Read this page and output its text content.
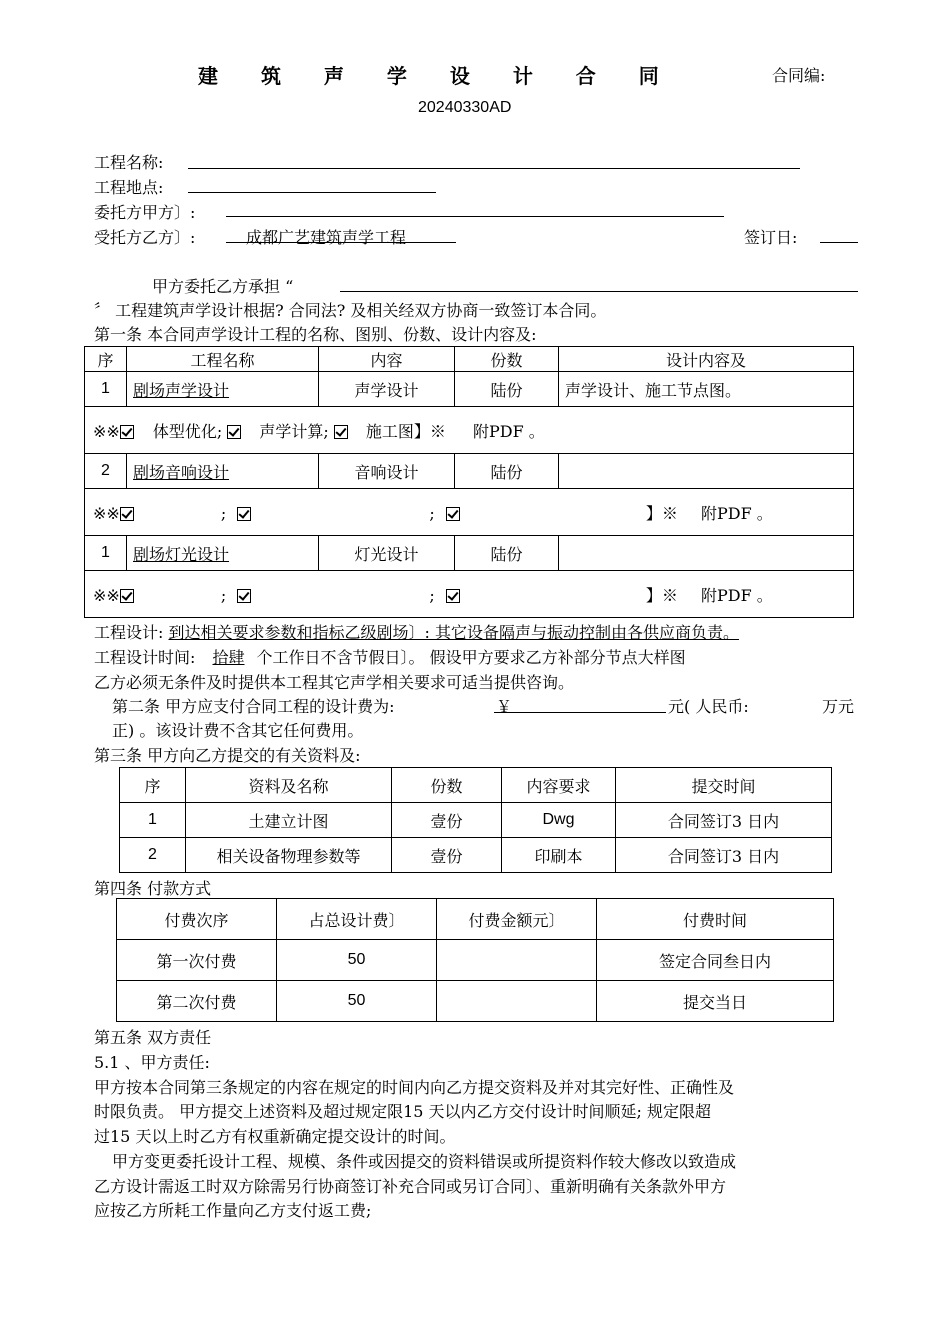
建 筑 声 学 设 计 合 同	合同编:
20240330AD
工程名称:
工程地点:
委托方甲方〕:
受托方乙方〕:	成都广艺建筑声学工程	签订日:
甲方委托乙方承担 “
〞 工程建筑声学设计根据? 合同法? 及相关经双方协商一致签订本合同。
第一条 本合同声学设计工程的名称、图别、份数、设计内容及:
序	工程名称	内容	份数	设计内容及
1	剧场声学设计	声学设计	陆份	声学设计、施工节点图。
※※ 体型优化; 声学计算; 施工图】※ 附PDF 。				
2	剧场音响设计	音响设计	陆份	
※※ ; ; 】※ 附PDF 。				
1	剧场灯光设计	灯光设计	陆份	
※※ ; ; 】※ 附PDF 。				
工程设计: 到达相关要求参数和指标乙级剧场〕: 其它设备隔声与振动控制由各供应商负责。
工程设计时间: 拾肆 个工作日不含节假日〕。 假设甲方要求乙方补部分节点大样图
乙方必须无条件及时提供本工程其它声学相关要求可适当提供咨询。
第二条 甲方应支付合同工程的设计费为:	￥	元( 人民币:	万元
正) 。该设计费不含其它任何费用。
第三条 甲方向乙方提交的有关资料及:
序	资料及名称	份数	内容要求	提交时间
1	土建立计图	壹份	Dwg	合同签订3 日内
2	相关设备物理参数等	壹份	印刷本	合同签订3 日内
第四条 付款方式
付费次序	占总设计费〕	付费金额元〕	付费时间
第一次付费	50		签定合同叁日内
第二次付费	50		提交当日
第五条 双方责任
5.1 、甲方责任:
甲方按本合同第三条规定的内容在规定的时间内向乙方提交资料及并对其完好性、正确性及
时限负责。 甲方提交上述资料及超过规定限15 天以内乙方交付设计时间顺延; 规定限超
过15 天以上时乙方有权重新确定提交设计的时间。
甲方变更委托设计工程、规模、条件或因提交的资料错误或所提资料作较大修改以致造成
乙方设计需返工时双方除需另行协商签订补充合同或另订合同〕、重新明确有关条款外甲方
应按乙方所耗工作量向乙方支付返工费;
